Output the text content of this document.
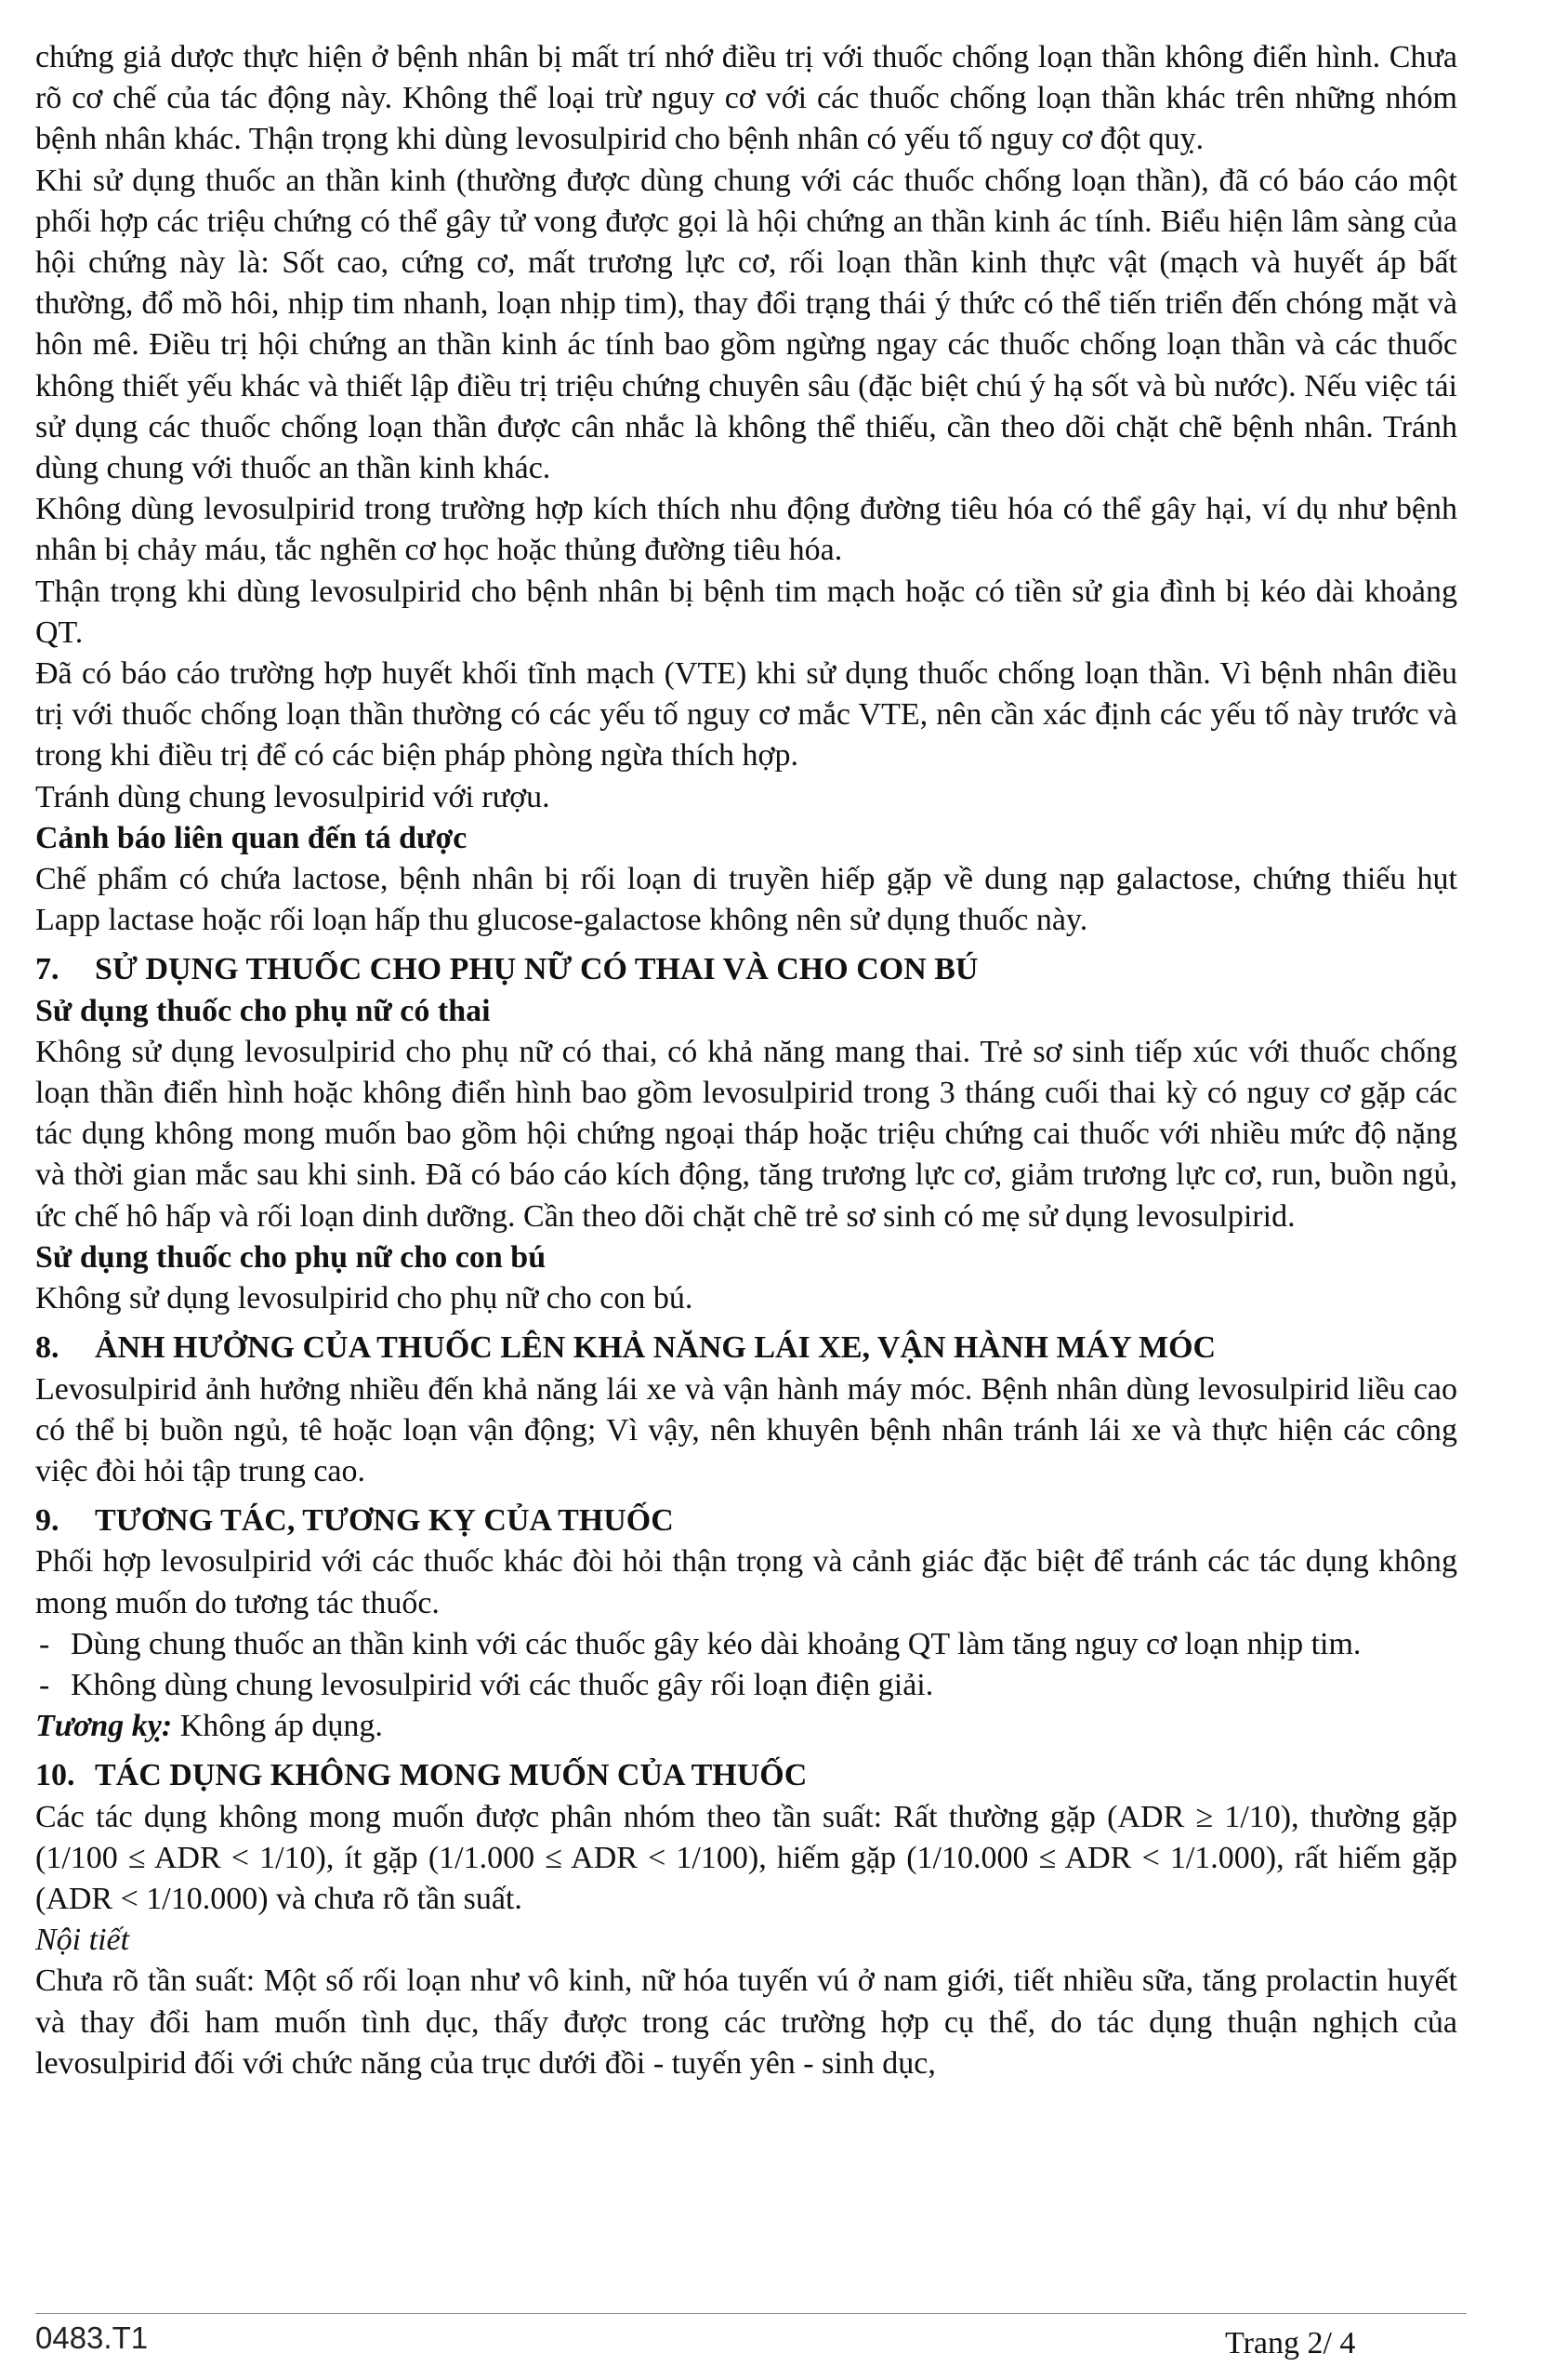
chứng giả dược thực hiện ở bệnh nhân bị mất trí nhớ điều trị với thuốc chống loạn thần không điển hình. Chưa rõ cơ chế của tác động này. Không thể loại trừ nguy cơ với các thuốc chống loạn thần khác trên những nhóm bệnh nhân khác. Thận trọng khi dùng levosulpirid cho bệnh nhân có yếu tố nguy cơ đột quỵ.

Khi sử dụng thuốc an thần kinh (thường được dùng chung với các thuốc chống loạn thần), đã có báo cáo một phối hợp các triệu chứng có thể gây tử vong được gọi là hội chứng an thần kinh ác tính. Biểu hiện lâm sàng của hội chứng này là: Sốt cao, cứng cơ, mất trương lực cơ, rối loạn thần kinh thực vật (mạch và huyết áp bất thường, đổ mồ hôi, nhịp tim nhanh, loạn nhịp tim), thay đổi trạng thái ý thức có thể tiến triển đến chóng mặt và hôn mê. Điều trị hội chứng an thần kinh ác tính bao gồm ngừng ngay các thuốc chống loạn thần và các thuốc không thiết yếu khác và thiết lập điều trị triệu chứng chuyên sâu (đặc biệt chú ý hạ sốt và bù nước). Nếu việc tái sử dụng các thuốc chống loạn thần được cân nhắc là không thể thiếu, cần theo dõi chặt chẽ bệnh nhân. Tránh dùng chung với thuốc an thần kinh khác.

Không dùng levosulpirid trong trường hợp kích thích nhu động đường tiêu hóa có thể gây hại, ví dụ như bệnh nhân bị chảy máu, tắc nghẽn cơ học hoặc thủng đường tiêu hóa.

Thận trọng khi dùng levosulpirid cho bệnh nhân bị bệnh tim mạch hoặc có tiền sử gia đình bị kéo dài khoảng QT.

Đã có báo cáo trường hợp huyết khối tĩnh mạch (VTE) khi sử dụng thuốc chống loạn thần. Vì bệnh nhân điều trị với thuốc chống loạn thần thường có các yếu tố nguy cơ mắc VTE, nên cần xác định các yếu tố này trước và trong khi điều trị để có các biện pháp phòng ngừa thích hợp.

Tránh dùng chung levosulpirid với rượu.

Cảnh báo liên quan đến tá dược

Chế phẩm có chứa lactose, bệnh nhân bị rối loạn di truyền hiếp gặp về dung nạp galactose, chứng thiếu hụt Lapp lactase hoặc rối loạn hấp thu glucose-galactose không nên sử dụng thuốc này.

7. SỬ DỤNG THUỐC CHO PHỤ NỮ CÓ THAI VÀ CHO CON BÚ

Sử dụng thuốc cho phụ nữ có thai

Không sử dụng levosulpirid cho phụ nữ có thai, có khả năng mang thai. Trẻ sơ sinh tiếp xúc với thuốc chống loạn thần điển hình hoặc không điển hình bao gồm levosulpirid trong 3 tháng cuối thai kỳ có nguy cơ gặp các tác dụng không mong muốn bao gồm hội chứng ngoại tháp hoặc triệu chứng cai thuốc với nhiều mức độ nặng và thời gian mắc sau khi sinh. Đã có báo cáo kích động, tăng trương lực cơ, giảm trương lực cơ, run, buồn ngủ, ức chế hô hấp và rối loạn dinh dưỡng. Cần theo dõi chặt chẽ trẻ sơ sinh có mẹ sử dụng levosulpirid.

Sử dụng thuốc cho phụ nữ cho con bú

Không sử dụng levosulpirid cho phụ nữ cho con bú.

8. ẢNH HƯỞNG CỦA THUỐC LÊN KHẢ NĂNG LÁI XE, VẬN HÀNH MÁY MÓC

Levosulpirid ảnh hưởng nhiều đến khả năng lái xe và vận hành máy móc. Bệnh nhân dùng levosulpirid liều cao có thể bị buồn ngủ, tê hoặc loạn vận động; Vì vậy, nên khuyên bệnh nhân tránh lái xe và thực hiện các công việc đòi hỏi tập trung cao.

9. TƯƠNG TÁC, TƯƠNG KỴ CỦA THUỐC

Phối hợp levosulpirid với các thuốc khác đòi hỏi thận trọng và cảnh giác đặc biệt để tránh các tác dụng không mong muốn do tương tác thuốc.

- Dùng chung thuốc an thần kinh với các thuốc gây kéo dài khoảng QT làm tăng nguy cơ loạn nhịp tim.
- Không dùng chung levosulpirid với các thuốc gây rối loạn điện giải.

Tương kỵ: Không áp dụng.

10. TÁC DỤNG KHÔNG MONG MUỐN CỦA THUỐC

Các tác dụng không mong muốn được phân nhóm theo tần suất: Rất thường gặp (ADR ≥ 1/10), thường gặp (1/100 ≤ ADR < 1/10), ít gặp (1/1.000 ≤ ADR < 1/100), hiếm gặp (1/10.000 ≤ ADR < 1/1.000), rất hiếm gặp (ADR < 1/10.000) và chưa rõ tần suất.

Nội tiết

Chưa rõ tần suất: Một số rối loạn như vô kinh, nữ hóa tuyến vú ở nam giới, tiết nhiều sữa, tăng prolactin huyết và thay đổi ham muốn tình dục, thấy được trong các trường hợp cụ thể, do tác dụng thuận nghịch của levosulpirid đối với chức năng của trục dưới đồi - tuyến yên - sinh dục,

0483.T1	Trang 2/ 4
